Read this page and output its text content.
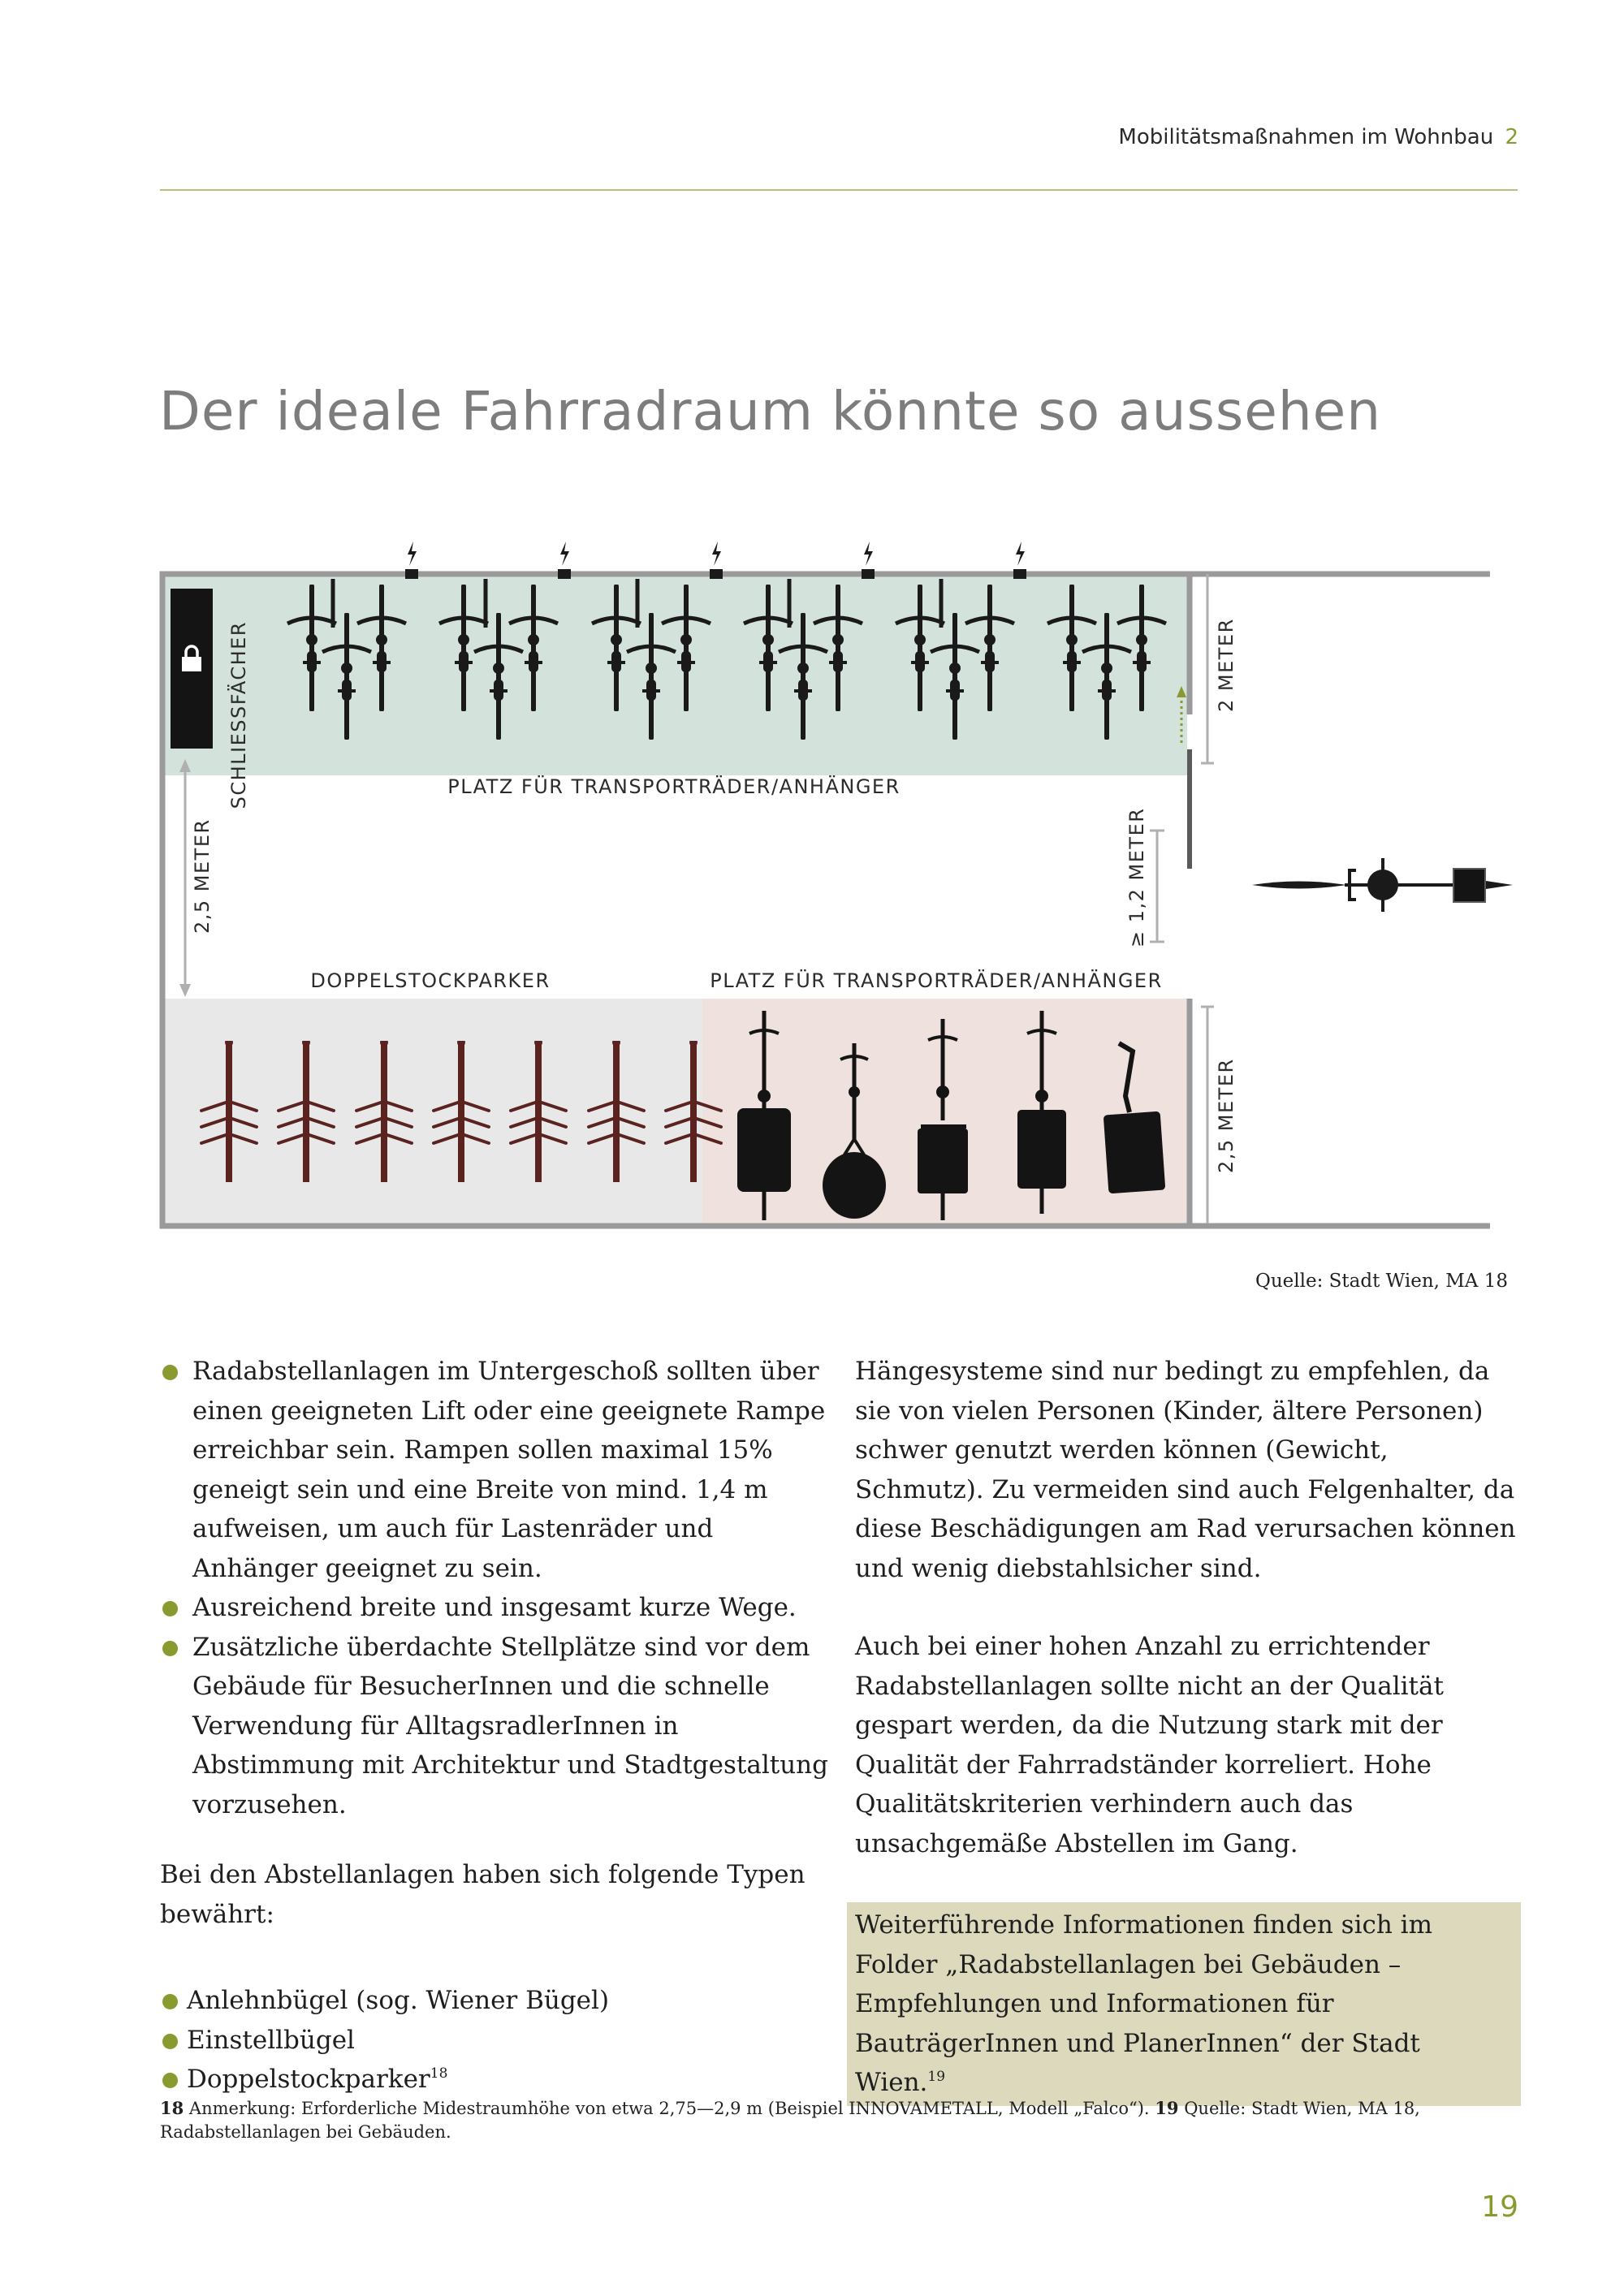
Mobilitätsmaßnahmen im Wohnbau 2
Der ideale Fahrradraum könnte so aussehen
SCHLIESSFÄCHER	PLATZ FÜR TRANSPORTRÄDER/ANHÄNGER
DOPPELSTOCKPARKER	PLATZ FÜR TRANSPORTRÄDER/ANHÄNGER
2,5 METER	≥ 1,2 METER
2 METER
2,5 METER
Quelle: Stadt Wien, MA 18
Radabstellanlagen im Untergeschoß sollten über einen geeigneten Lift oder eine geeignete Rampe erreichbar sein. Rampen sollen maximal 15% geneigt sein und eine Breite von mind. 1,4 m aufweisen, um auch für Lastenräder und Anhänger geeignet zu sein.
Ausreichend breite und insgesamt kurze Wege.
Zusätzliche überdachte Stellplätze sind vor dem Gebäude für BesucherInnen und die schnelle Verwendung für AlltagsradlerInnen in Abstimmung mit Architektur und Stadtgestaltung vorzusehen.

Bei den Abstellanlagen haben sich folgende Typen bewährt:

Anlehnbügel (sog. Wiener Bügel)
Einstellbügel
Doppelstockparker$^{18}$

Hängesysteme sind nur bedingt zu empfehlen, da sie von vielen Personen (Kinder, ältere Personen) schwer genutzt werden können (Gewicht, Schmutz). Zu vermeiden sind auch Felgenhalter, da diese Beschädigungen am Rad verursachen können und wenig diebstahlsicher sind.

Auch bei einer hohen Anzahl zu errichtender Radabstellanlagen sollte nicht an der Qualität gespart werden, da die Nutzung stark mit der Qualität der Fahrradständer korreliert. Hohe Qualitätskriterien verhindern auch das unsachgemäße Abstellen im Gang.

Weiterführende Informationen finden sich im Folder „Radabstellanlagen bei Gebäuden – Empfehlungen und Informationen für BauträgerInnen und PlanerInnen“ der Stadt Wien.$^{19}$
18 Anmerkung: Erforderliche Midestraumhöhe von etwa 2,75—2,9 m (Beispiel INNOVAMETALL, Modell „Falco“). 19 Quelle: Stadt Wien, MA 18, Radabstellanlagen bei Gebäuden.
19
